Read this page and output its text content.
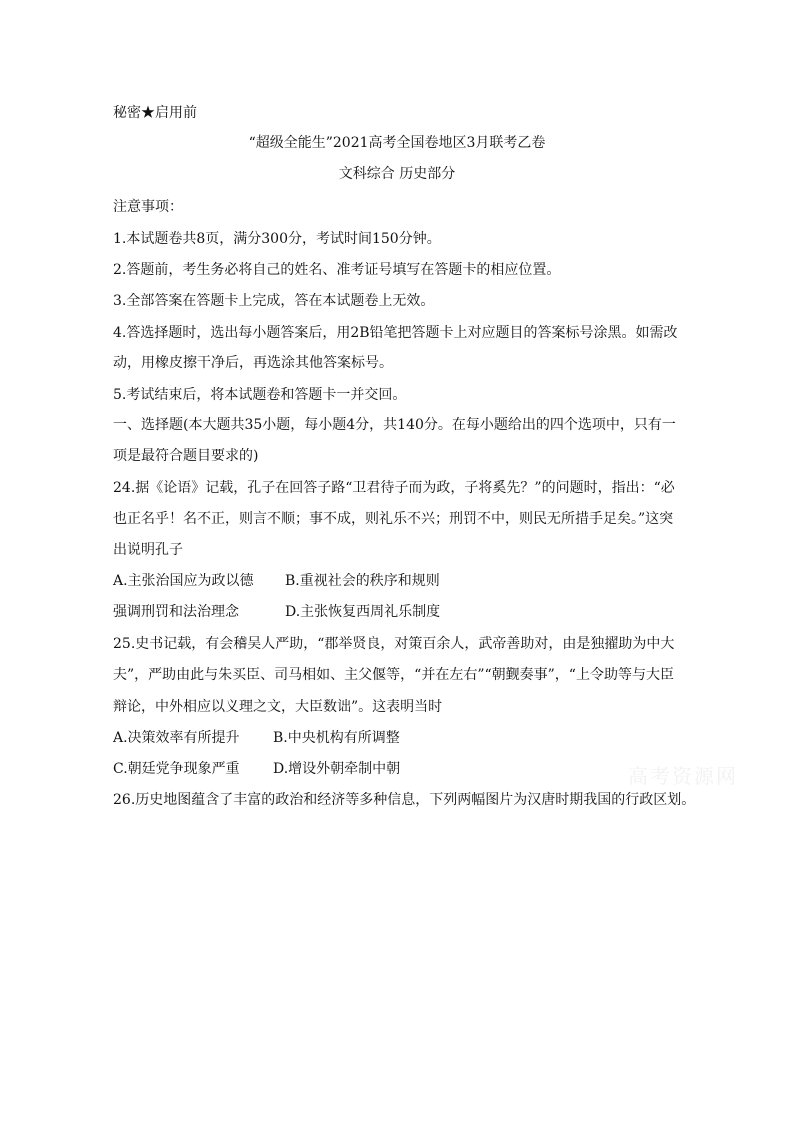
秘密★启用前
“超级全能生”2021高考全国卷地区3月联考乙卷
文科综合 历史部分
注意事项：
1.本试题卷共8页，满分300分，考试时间150分钟。
2.答题前，考生务必将自己的姓名、准考证号填写在答题卡的相应位置。
3.全部答案在答题卡上完成，答在本试题卷上无效。
4.答选择题时，选出每小题答案后，用2B铅笔把答题卡上对应题目的答案标号涂黑。如需改
动，用橡皮擦干净后，再选涂其他答案标号。
5.考试结束后，将本试题卷和答题卡一并交回。
一、选择题(本大题共35小题，每小题4分，共140分。在每小题给出的四个选项中，只有一
项是最符合题目要求的)
24.据《论语》记载，孔子在回答子路“卫君待子而为政，子将奚先？”的问题时，指出：“必
也正名乎！名不正，则言不顺；事不成，则礼乐不兴；刑罚不中，则民无所措手足矣。”这突
出说明孔子
A.主张治国应为政以德 B.重视社会的秩序和规则
强调刑罚和法治理念	D.主张恢复西周礼乐制度
25.史书记载，有会稽吴人严助，“郡举贤良，对策百余人，武帝善助对，由是独擢助为中大
夫”，严助由此与朱买臣、司马相如、主父偃等，“并在左右”“朝觐奏事”，“上令助等与大臣
辩论，中外相应以义理之文，大臣数诎”。这表明当时
A.决策效率有所提升 B.中央机构有所调整
C.朝廷党争现象严重 D.增设外朝牵制中朝
26.历史地图蕴含了丰富的政治和经济等多种信息，下列两幅图片为汉唐时期我国的行政区划。
高考资源网
